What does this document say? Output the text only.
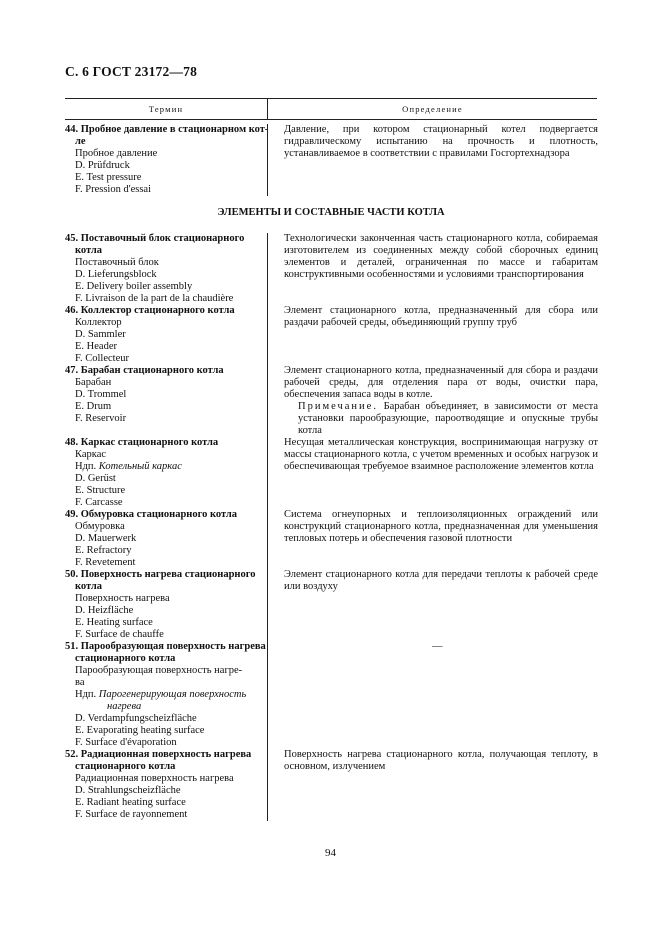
С. 6 ГОСТ 23172—78
Термин	Определение
44. Пробное давление в стационарном кот-
ле
Пробное давление
D. Prüfdruck
E. Test pressure
F. Pression d'essai
Давление, при котором стационарный котел подвергается гидравлическому испытанию на прочность и плотность, устанавливаемое в соответствии с правилами Госгортехнадзора
ЭЛЕМЕНТЫ И СОСТАВНЫЕ ЧАСТИ КОТЛА
45. Поставочный блок стационарного
котла
Поставочный блок
D. Lieferungsblock
E. Delivery boiler assembly
F. Livraison de la part de la chaudière
Технологически законченная часть стационарного котла, собираемая изготовителем из соединенных между собой сборочных единиц элементов и деталей, ограниченная по массе и габаритам конструктивными особенностями и условиями транспортирования
46. Коллектор стационарного котла
Коллектор
D. Sammler
E. Header
F. Collecteur
Элемент стационарного котла, предназначенный для сбора или раздачи рабочей среды, объединяющий группу труб
47. Барабан стационарного котла
Барабан
D. Trommel
E. Drum
F. Reservoir
Элемент стационарного котла, предназначенный для сбора и раздачи рабочей среды, для отделения пара от воды, очистки пара, обеспечения запаса воды в котле.
Примечание. Барабан объединяет, в зависимости от места установки парообразующие, пароотводящие и опускные трубы котла
48. Каркас стационарного котла
Каркас
Ндп. Котельный каркас
D. Gerüst
E. Structure
F. Carcasse
Несущая металлическая конструкция, воспринимающая нагрузку от массы стационарного котла, с учетом временных и особых нагрузок и обеспечивающая требуемое взаимное расположение элементов котла
49. Обмуровка стационарного котла
Обмуровка
D. Mauerwerk
E. Refractory
F. Revetement
Система огнеупорных и теплоизоляционных ограждений или конструкций стационарного котла, предназначенная для уменьшения тепловых потерь и обеспечения газовой плотности
50. Поверхность нагрева стационарного
котла
Поверхность нагрева
D. Heizfläche
E. Heating surface
F. Surface de chauffe
Элемент стационарного котла для передачи теплоты к рабочей среде или воздуху
51. Парообразующая поверхность нагрева
стационарного котла
Парообразующая поверхность нагре-
ва
Ндп. Парогенерирующая поверхность
нагрева
D. Verdampfungscheizfläche
E. Evaporating heating surface
F. Surface d'évaporation
—
52. Радиационная поверхность нагрева
стационарного котла
Радиационная поверхность нагрева
D. Strahlungscheizfläche
E. Radiant heating surface
F. Surface de rayonnement
Поверхность нагрева стационарного котла, получающая теплоту, в основном, излучением
94
